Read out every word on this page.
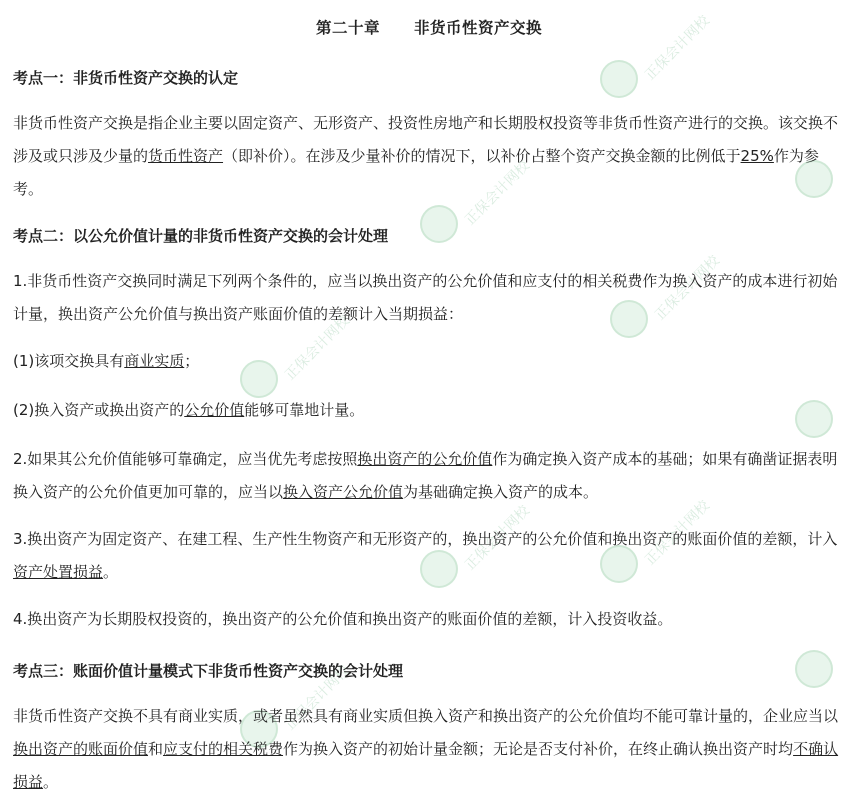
正保会计网校
正保会计网校
正保会计网校
正保会计网校
正保会计网校	正保会计网校
正保会计网校
第二十章 非货币性资产交换
考点一：非货币性资产交换的认定
非货币性资产交换是指企业主要以固定资产、无形资产、投资性房地产和长期股权投资等非货币性资产进行的交换。该交换不涉及或只涉及少量的货币性资产（即补价）。在涉及少量补价的情况下，以补价占整个资产交换金额的比例低于25%作为参考。
考点二：以公允价值计量的非货币性资产交换的会计处理
1.非货币性资产交换同时满足下列两个条件的，应当以换出资产的公允价值和应支付的相关税费作为换入资产的成本进行初始计量，换出资产公允价值与换出资产账面价值的差额计入当期损益：
(1)该项交换具有商业实质；
(2)换入资产或换出资产的公允价值能够可靠地计量。
2.如果其公允价值能够可靠确定，应当优先考虑按照换出资产的公允价值作为确定换入资产成本的基础；如果有确凿证据表明换入资产的公允价值更加可靠的，应当以换入资产公允价值为基础确定换入资产的成本。
3.换出资产为固定资产、在建工程、生产性生物资产和无形资产的，换出资产的公允价值和换出资产的账面价值的差额，计入资产处置损益。
4.换出资产为长期股权投资的，换出资产的公允价值和换出资产的账面价值的差额，计入投资收益。
考点三：账面价值计量模式下非货币性资产交换的会计处理
非货币性资产交换不具有商业实质，或者虽然具有商业实质但换入资产和换出资产的公允价值均不能可靠计量的，企业应当以换出资产的账面价值和应支付的相关税费作为换入资产的初始计量金额；无论是否支付补价，在终止确认换出资产时均不确认损益。
